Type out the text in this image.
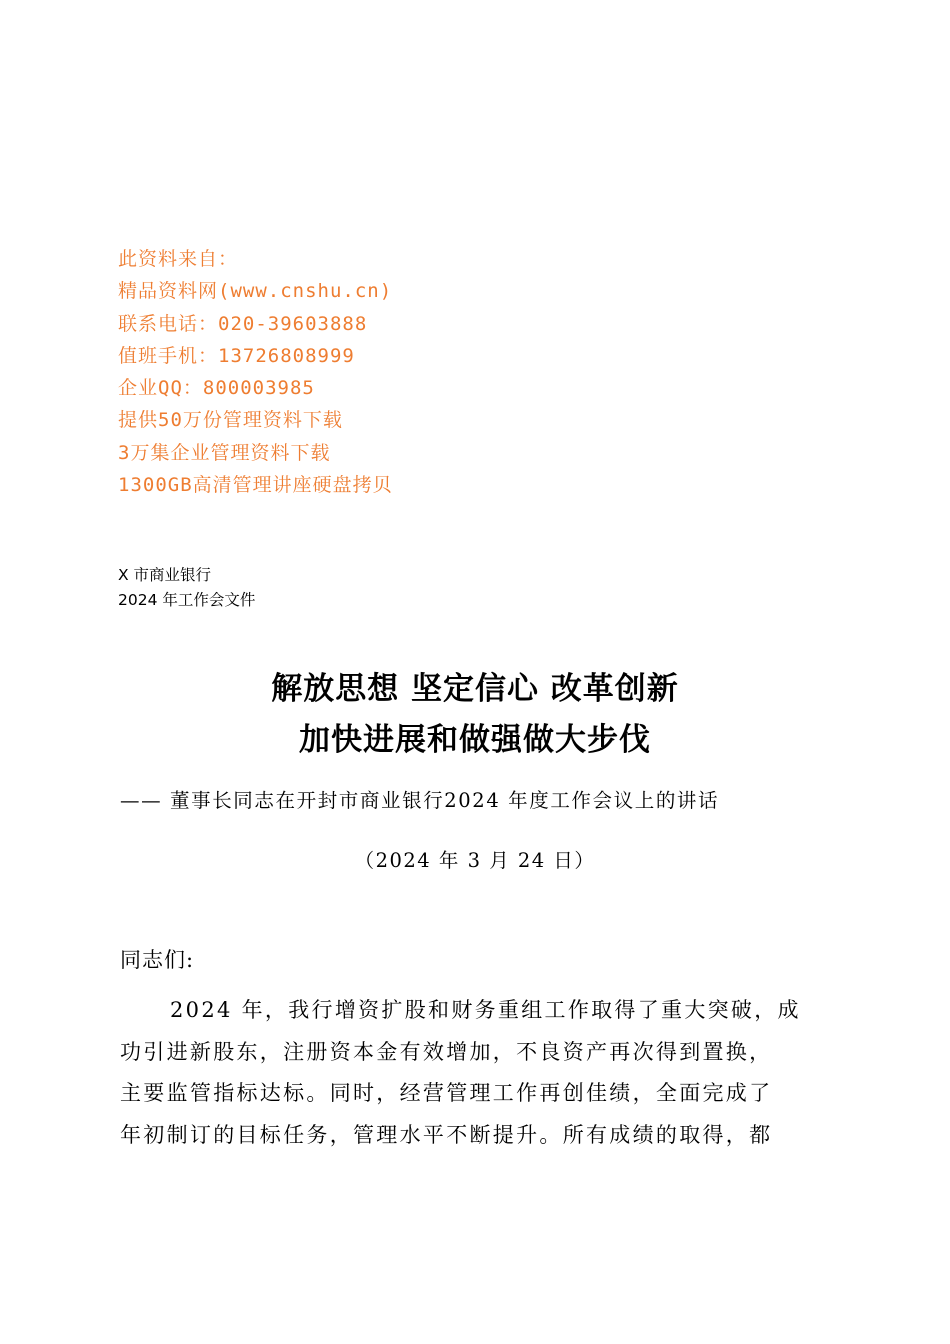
此资料来自：
精品资料网(www.cnshu.cn)
联系电话：020-39603888
值班手机：13726808999
企业QQ：800003985
提供50万份管理资料下载
3万集企业管理资料下载
1300GB高清管理讲座硬盘拷贝
X 市商业银行
2024 年工作会文件
解放思想 坚定信心 改革创新
加快进展和做强做大步伐
—— 董事长同志在开封市商业银行2024 年度工作会议上的讲话
（2024 年 3 月 24 日）
同志们:
2024 年，我行增资扩股和财务重组工作取得了重大突破，成
功引进新股东，注册资本金有效增加，不良资产再次得到置换，
主要监管指标达标。同时，经营管理工作再创佳绩，全面完成了
年初制订的目标任务，管理水平不断提升。所有成绩的取得，都
